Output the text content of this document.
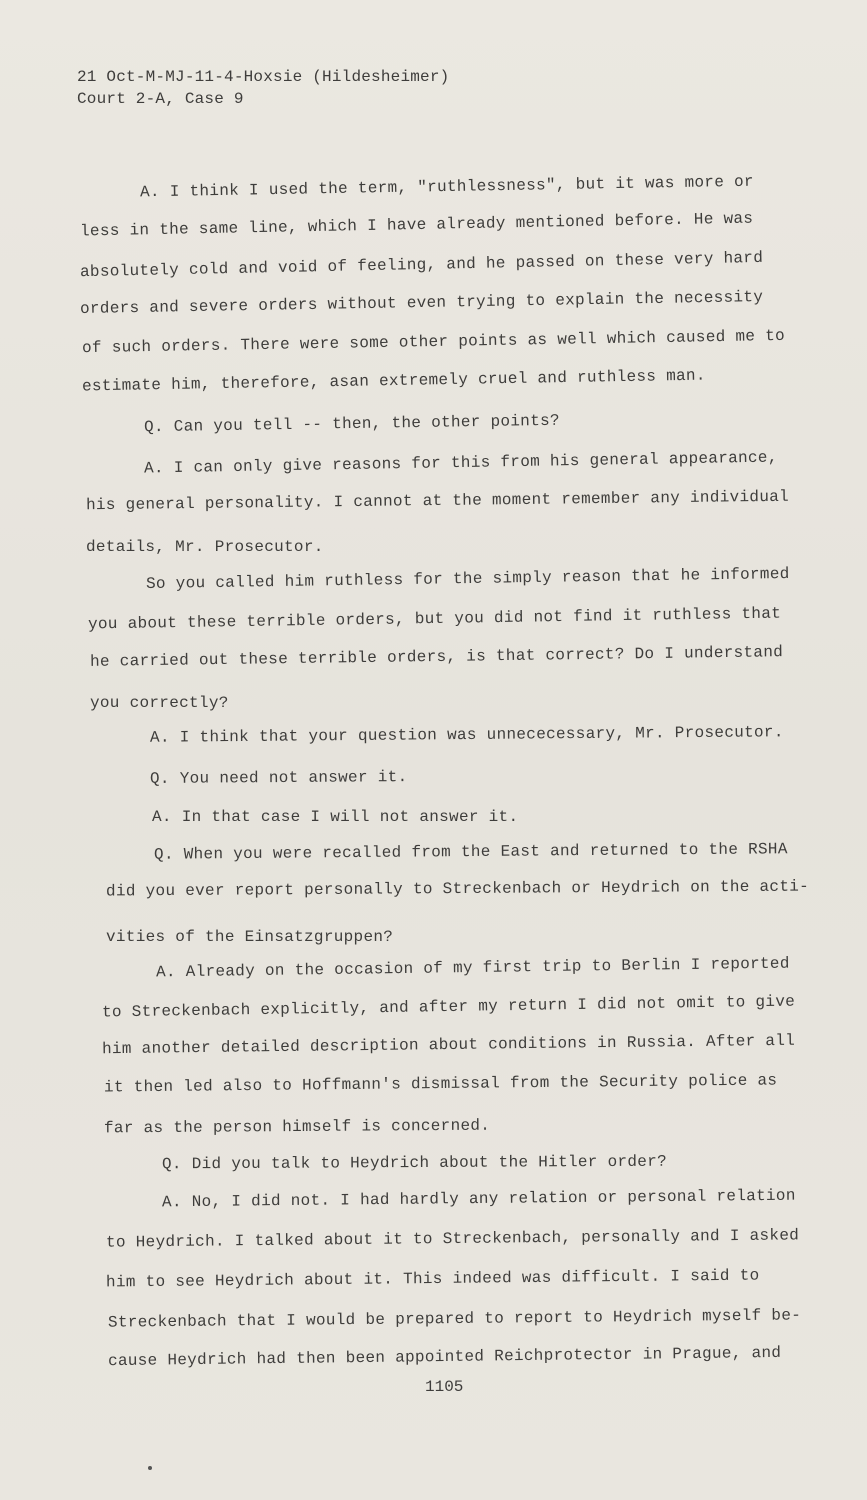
21 Oct-M-MJ-11-4-Hoxsie (Hildesheimer)
Court 2-A, Case 9
A. I think I used the term, "ruthlessness", but it was more or
less in the same line, which I have already mentioned before. He was
absolutely cold and void of feeling, and he passed on these very hard
orders and severe orders without even trying to explain the necessity
of such orders. There were some other points as well which caused me to
estimate him, therefore, asan extremely cruel and ruthless man.
Q. Can you tell -- then, the other points?
A. I can only give reasons for this from his general appearance,
his general personality. I cannot at the moment remember any individual
details, Mr. Prosecutor.
So you called him ruthless for the simply reason that he informed
you about these terrible orders, but you did not find it ruthless that
he carried out these terrible orders, is that correct? Do I understand
you correctly?
A. I think that your question was unnececessary, Mr. Prosecutor.
Q. You need not answer it.
A. In that case I will not answer it.
Q. When you were recalled from the East and returned to the RSHA
did you ever report personally to Streckenbach or Heydrich on the acti-
vities of the Einsatzgruppen?
A. Already on the occasion of my first trip to Berlin I reported
to Streckenbach explicitly, and after my return I did not omit to give
him another detailed description about conditions in Russia. After all
it then led also to Hoffmann's dismissal from the Security police as
far as the person himself is concerned.
Q. Did you talk to Heydrich about the Hitler order?
A. No, I did not. I had hardly any relation or personal relation
to Heydrich. I talked about it to Streckenbach, personally and I asked
him to see Heydrich about it. This indeed was difficult. I said to
Streckenbach that I would be prepared to report to Heydrich myself be-
cause Heydrich had then been appointed Reichprotector in Prague, and
1105
